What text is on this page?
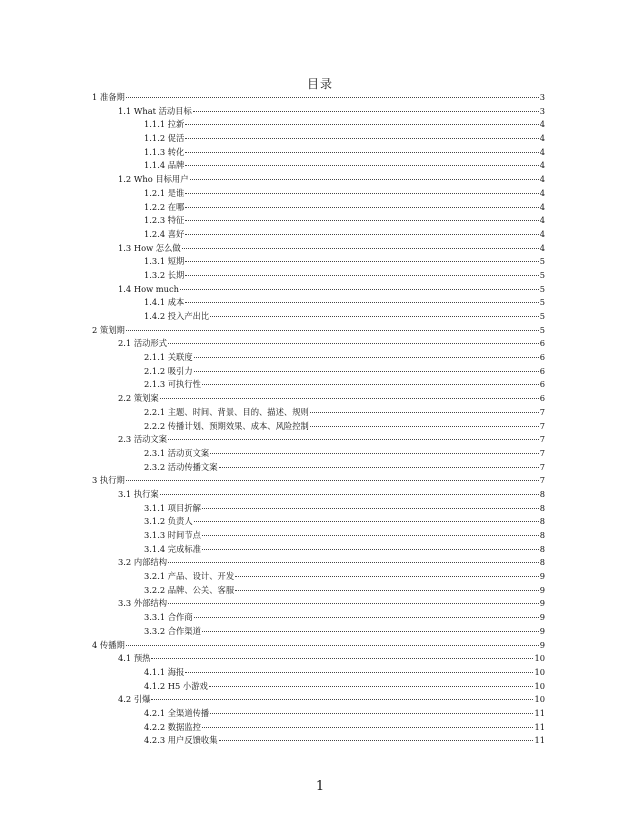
目录
1 准备期	3
1.1 What 活动目标	3
1.1.1 拉新	4
1.1.2 促活	4
1.1.3 转化	4
1.1.4 品牌	4
1.2 Who 目标用户	4
1.2.1 是谁	4
1.2.2 在哪	4
1.2.3 特征	4
1.2.4 喜好	4
1.3 How 怎么做	4
1.3.1 短期	5
1.3.2 长期	5
1.4 How much	5
1.4.1 成本	5
1.4.2 投入产出比	5
2 策划期	5
2.1 活动形式	6
2.1.1 关联度	6
2.1.2 吸引力	6
2.1.3 可执行性	6
2.2 策划案	6
2.2.1 主题、时间、背景、目的、描述、规则	7
2.2.2 传播计划、预期效果、成本、风险控制	7
2.3 活动文案	7
2.3.1 活动页文案	7
2.3.2 活动传播文案	7
3 执行期	7
3.1 执行案	8
3.1.1 项目折解	8
3.1.2 负责人	8
3.1.3 时间节点	8
3.1.4 完成标准	8
3.2 内部结构	8
3.2.1 产品、设计、开发	9
3.2.2 品牌、公关、客服	9
3.3 外部结构	9
3.3.1 合作商	9
3.3.2 合作渠道	9
4 传播期	9
4.1 预热	10
4.1.1 海报	10
4.1.2 H5 小游戏	10
4.2 引爆	10
4.2.1 全渠道传播	11
4.2.2 数据监控	11
4.2.3 用户反馈收集	11
1
